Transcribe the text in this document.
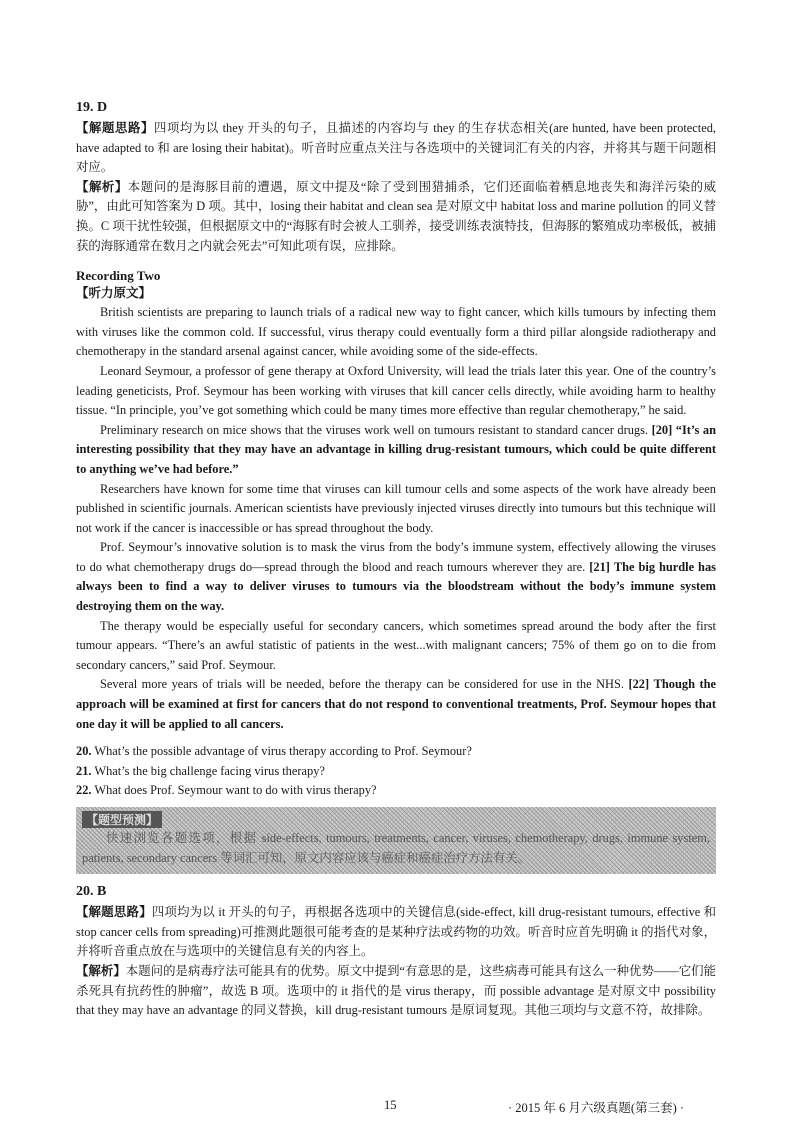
19. D

【解题思路】四项均为以 they 开头的句子，且描述的内容均与 they 的生存状态相关(are hunted, have been protected, have adapted to 和 are losing their habitat)。听音时应重点关注与各选项中的关键词汇有关的内容，并将其与题干问题相对应。

【解析】本题问的是海豚目前的遭遇，原文中提及“除了受到围猎捕杀，它们还面临着栖息地丧失和海洋污染的威胁”，由此可知答案为 D 项。其中，losing their habitat and clean sea 是对原文中 habitat loss and marine pollution 的同义替换。C 项干扰性较强，但根据原文中的“海豚有时会被人工驯养，接受训练表演特技，但海豚的繁殖成功率极低，被捕获的海豚通常在数月之内就会死去”可知此项有误，应排除。

Recording Two
【听力原文】

British scientists are preparing to launch trials of a radical new way to fight cancer, which kills tumours by infecting them with viruses like the common cold. If successful, virus therapy could eventually form a third pillar alongside radiotherapy and chemotherapy in the standard arsenal against cancer, while avoiding some of the side-effects.

Leonard Seymour, a professor of gene therapy at Oxford University, will lead the trials later this year. One of the country’s leading geneticists, Prof. Seymour has been working with viruses that kill cancer cells directly, while avoiding harm to healthy tissue. “In principle, you’ve got something which could be many times more effective than regular chemotherapy,” he said.

Preliminary research on mice shows that the viruses work well on tumours resistant to standard cancer drugs. [20] “It’s an interesting possibility that they may have an advantage in killing drug-resistant tumours, which could be quite different to anything we’ve had before.”

Researchers have known for some time that viruses can kill tumour cells and some aspects of the work have already been published in scientific journals. American scientists have previously injected viruses directly into tumours but this technique will not work if the cancer is inaccessible or has spread throughout the body.

Prof. Seymour’s innovative solution is to mask the virus from the body’s immune system, effectively allowing the viruses to do what chemotherapy drugs do—spread through the blood and reach tumours wherever they are. [21] The big hurdle has always been to find a way to deliver viruses to tumours via the bloodstream without the body’s immune system destroying them on the way.

The therapy would be especially useful for secondary cancers, which sometimes spread around the body after the first tumour appears. “There’s an awful statistic of patients in the west...with malignant cancers; 75% of them go on to die from secondary cancers,” said Prof. Seymour.

Several more years of trials will be needed, before the therapy can be considered for use in the NHS. [22] Though the approach will be examined at first for cancers that do not respond to conventional treatments, Prof. Seymour hopes that one day it will be applied to all cancers.

20. What’s the possible advantage of virus therapy according to Prof. Seymour?

21. What’s the big challenge facing virus therapy?

22. What does Prof. Seymour want to do with virus therapy?

【题型预测】

快速浏览各题选项，根据 side-effects, tumours, treatments, cancer, viruses, chemotherapy, drugs, immune system, patients, secondary cancers 等词汇可知，原文内容应该与癌症和癌症治疗方法有关。

20. B

【解题思路】四项均为以 it 开头的句子，再根据各选项中的关键信息(side-effect, kill drug-resistant tumours, effective 和 stop cancer cells from spreading)可推测此题很可能考查的是某种疗法或药物的功效。听音时应首先明确 it 的指代对象，并将听音重点放在与选项中的关键信息有关的内容上。

【解析】本题问的是病毒疗法可能具有的优势。原文中提到“有意思的是，这些病毒可能具有这么一种优势——它们能杀死具有抗药性的肿瘤”，故选 B 项。选项中的 it 指代的是 virus therapy，而 possible advantage 是对原文中 possibility that they may have an advantage 的同义替换，kill drug-resistant tumours 是原词复现。其他三项均与文意不符，故排除。

15	· 2015 年 6 月六级真题(第三套) ·
